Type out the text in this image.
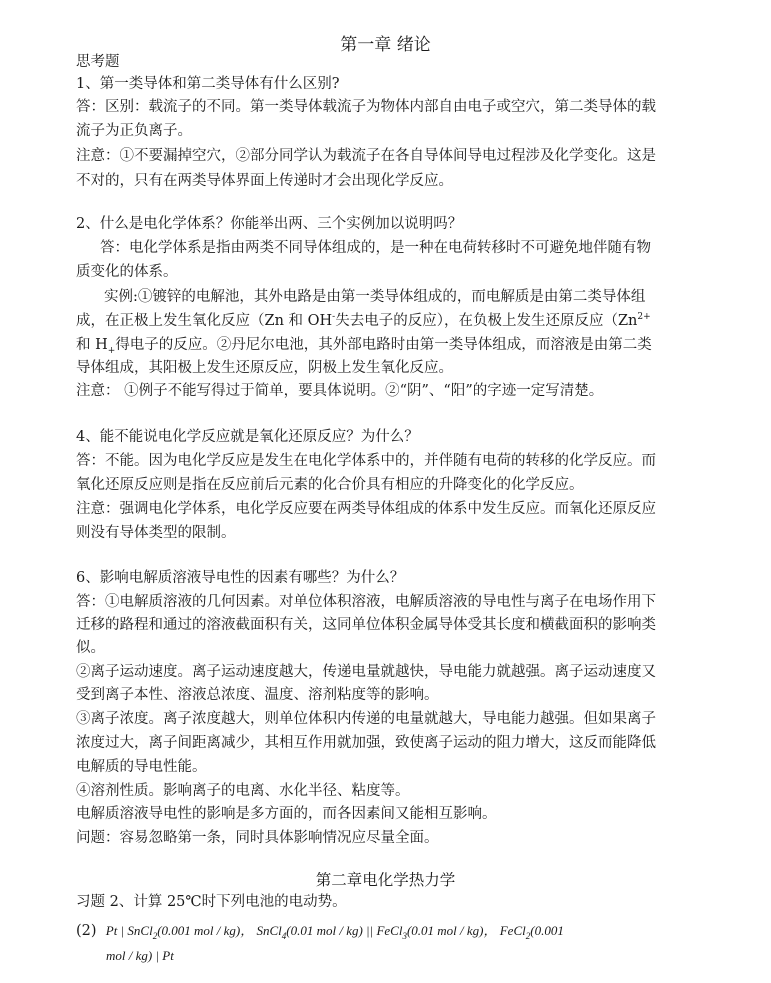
第一章 绪论
思考题
1、第一类导体和第二类导体有什么区别?
答：区别：载流子的不同。第一类导体载流子为物体内部自由电子或空穴，第二类导体的载
流子为正负离子。
注意：①不要漏掉空穴，②部分同学认为载流子在各自导体间导电过程涉及化学变化。这是
不对的，只有在两类导体界面上传递时才会出现化学反应。
2、什么是电化学体系？你能举出两、三个实例加以说明吗？
答：电化学体系是指由两类不同导体组成的，是一种在电荷转移时不可避免地伴随有物
质变化的体系。
实例:①镀锌的电解池，其外电路是由第一类导体组成的，而电解质是由第二类导体组
成，在正极上发生氧化反应（Zn 和 OH-失去电子的反应），在负极上发生还原反应（$Zn^{2+}$
和 $H_+$得电子的反应。②丹尼尔电池，其外部电路时由第一类导体组成，而溶液是由第二类
导体组成，其阳极上发生还原反应，阴极上发生氧化反应。
注意： ①例子不能写得过于简单，要具体说明。②“阴”、“阳”的字迹一定写清楚。
4、能不能说电化学反应就是氧化还原反应？为什么？
答：不能。因为电化学反应是发生在电化学体系中的，并伴随有电荷的转移的化学反应。而
氧化还原反应则是指在反应前后元素的化合价具有相应的升降变化的化学反应。
注意：强调电化学体系，电化学反应要在两类导体组成的体系中发生反应。而氧化还原反应
则没有导体类型的限制。
6、影响电解质溶液导电性的因素有哪些？为什么？
答：①电解质溶液的几何因素。对单位体积溶液，电解质溶液的导电性与离子在电场作用下
迁移的路程和通过的溶液截面积有关，这同单位体积金属导体受其长度和横截面积的影响类
似。
②离子运动速度。离子运动速度越大，传递电量就越快，导电能力就越强。离子运动速度又
受到离子本性、溶液总浓度、温度、溶剂粘度等的影响。
③离子浓度。离子浓度越大，则单位体积内传递的电量就越大，导电能力越强。但如果离子
浓度过大，离子间距离减少，其相互作用就加强，致使离子运动的阻力增大，这反而能降低
电解质的导电性能。
④溶剂性质。影响离子的电离、水化半径、粘度等。
电解质溶液导电性的影响是多方面的，而各因素间又能相互影响。
问题：容易忽略第一条，同时具体影响情况应尽量全面。
第二章电化学热力学
习题 2、计算 25℃时下列电池的电动势。
(2) Pt | SnCl$_2$(0.001 mol / kg)， SnCl$_4$(0.01 mol / kg) || FeCl$_3$(0.01 mol / kg)， FeCl$_2$(0.001
mol / kg) | Pt
